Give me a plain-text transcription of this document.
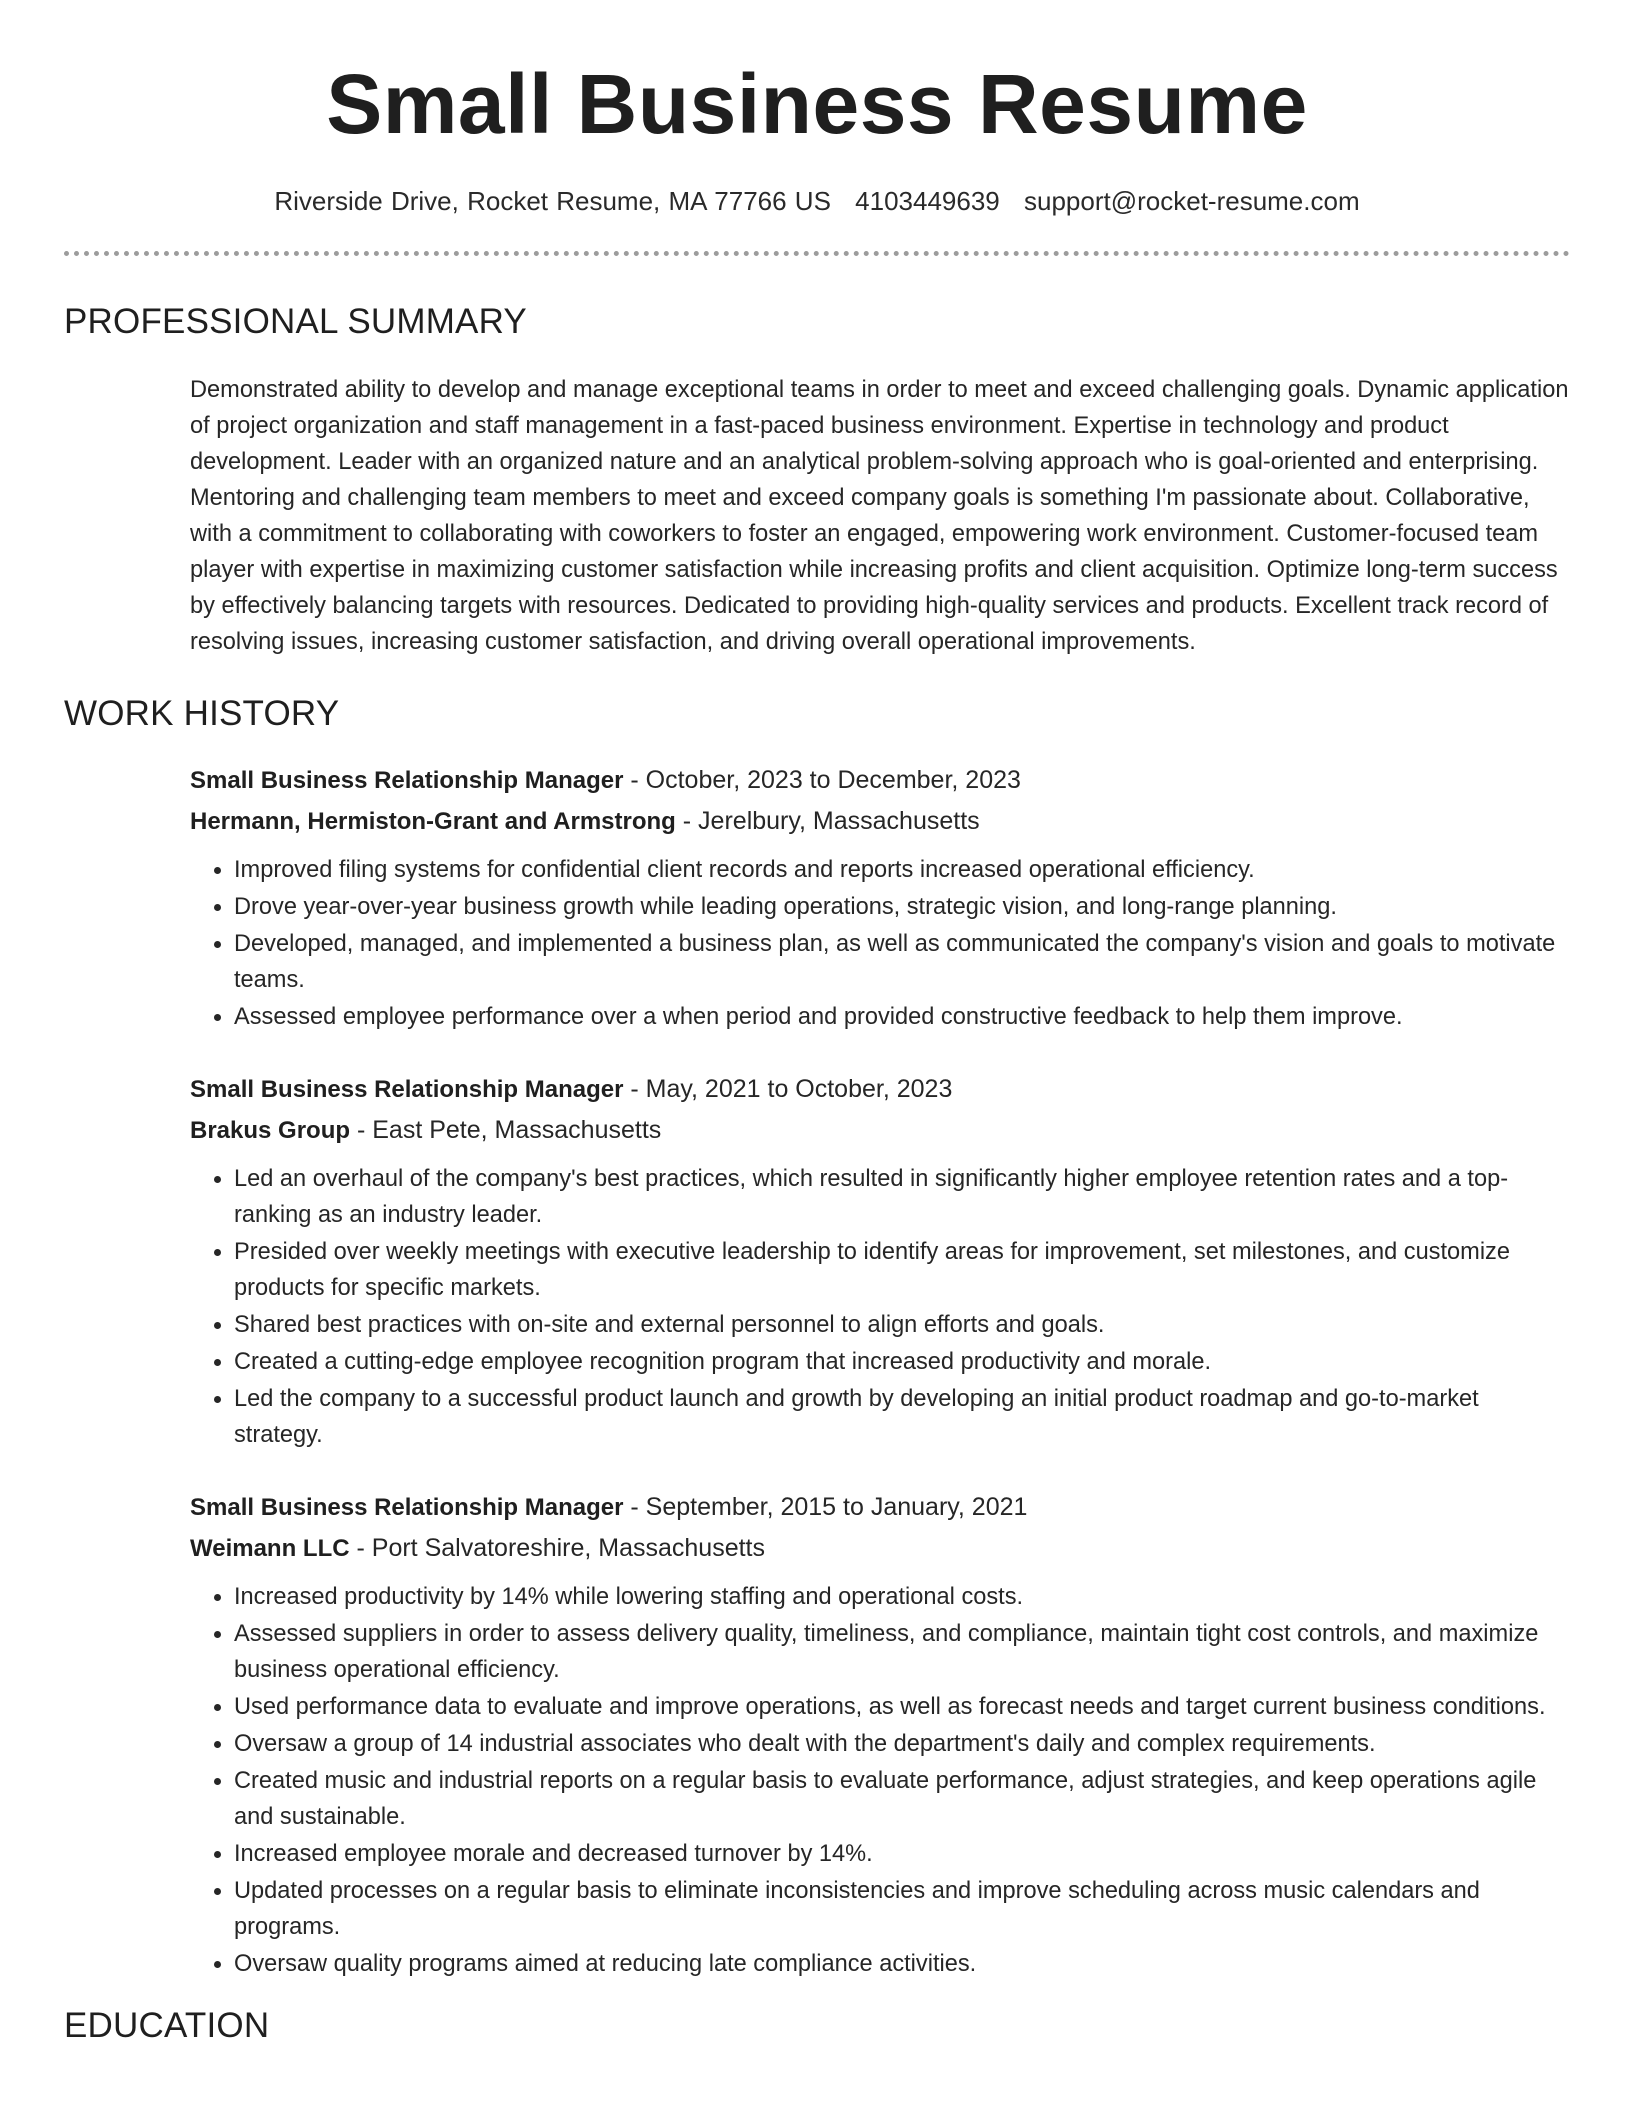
Small Business Resume
Riverside Drive, Rocket Resume, MA 77766 US 4103449639 support@rocket-resume.com
PROFESSIONAL SUMMARY

Demonstrated ability to develop and manage exceptional teams in order to meet and exceed challenging goals. Dynamic application of project organization and staff management in a fast-paced business environment. Expertise in technology and product development. Leader with an organized nature and an analytical problem-solving approach who is goal-oriented and enterprising. Mentoring and challenging team members to meet and exceed company goals is something I'm passionate about. Collaborative, with a commitment to collaborating with coworkers to foster an engaged, empowering work environment. Customer-focused team player with expertise in maximizing customer satisfaction while increasing profits and client acquisition. Optimize long-term success by effectively balancing targets with resources. Dedicated to providing high-quality services and products. Excellent track record of resolving issues, increasing customer satisfaction, and driving overall operational improvements.

WORK HISTORY
Small Business Relationship Manager - October, 2023 to December, 2023
Hermann, Hermiston-Grant and Armstrong - Jerelbury, Massachusetts
• Improved filing systems for confidential client records and reports increased operational efficiency.
• Drove year-over-year business growth while leading operations, strategic vision, and long-range planning.
• Developed, managed, and implemented a business plan, as well as communicated the company's vision and goals to motivate teams.
• Assessed employee performance over a when period and provided constructive feedback to help them improve.
Small Business Relationship Manager - May, 2021 to October, 2023
Brakus Group - East Pete, Massachusetts
• Led an overhaul of the company's best practices, which resulted in significantly higher employee retention rates and a top-ranking as an industry leader.
• Presided over weekly meetings with executive leadership to identify areas for improvement, set milestones, and customize products for specific markets.
• Shared best practices with on-site and external personnel to align efforts and goals.
• Created a cutting-edge employee recognition program that increased productivity and morale.
• Led the company to a successful product launch and growth by developing an initial product roadmap and go-to-market strategy.
Small Business Relationship Manager - September, 2015 to January, 2021
Weimann LLC - Port Salvatoreshire, Massachusetts
• Increased productivity by 14% while lowering staffing and operational costs.
• Assessed suppliers in order to assess delivery quality, timeliness, and compliance, maintain tight cost controls, and maximize business operational efficiency.
• Used performance data to evaluate and improve operations, as well as forecast needs and target current business conditions.
• Oversaw a group of 14 industrial associates who dealt with the department's daily and complex requirements.
• Created music and industrial reports on a regular basis to evaluate performance, adjust strategies, and keep operations agile and sustainable.
• Increased employee morale and decreased turnover by 14%.
• Updated processes on a regular basis to eliminate inconsistencies and improve scheduling across music calendars and programs.
• Oversaw quality programs aimed at reducing late compliance activities.
EDUCATION
